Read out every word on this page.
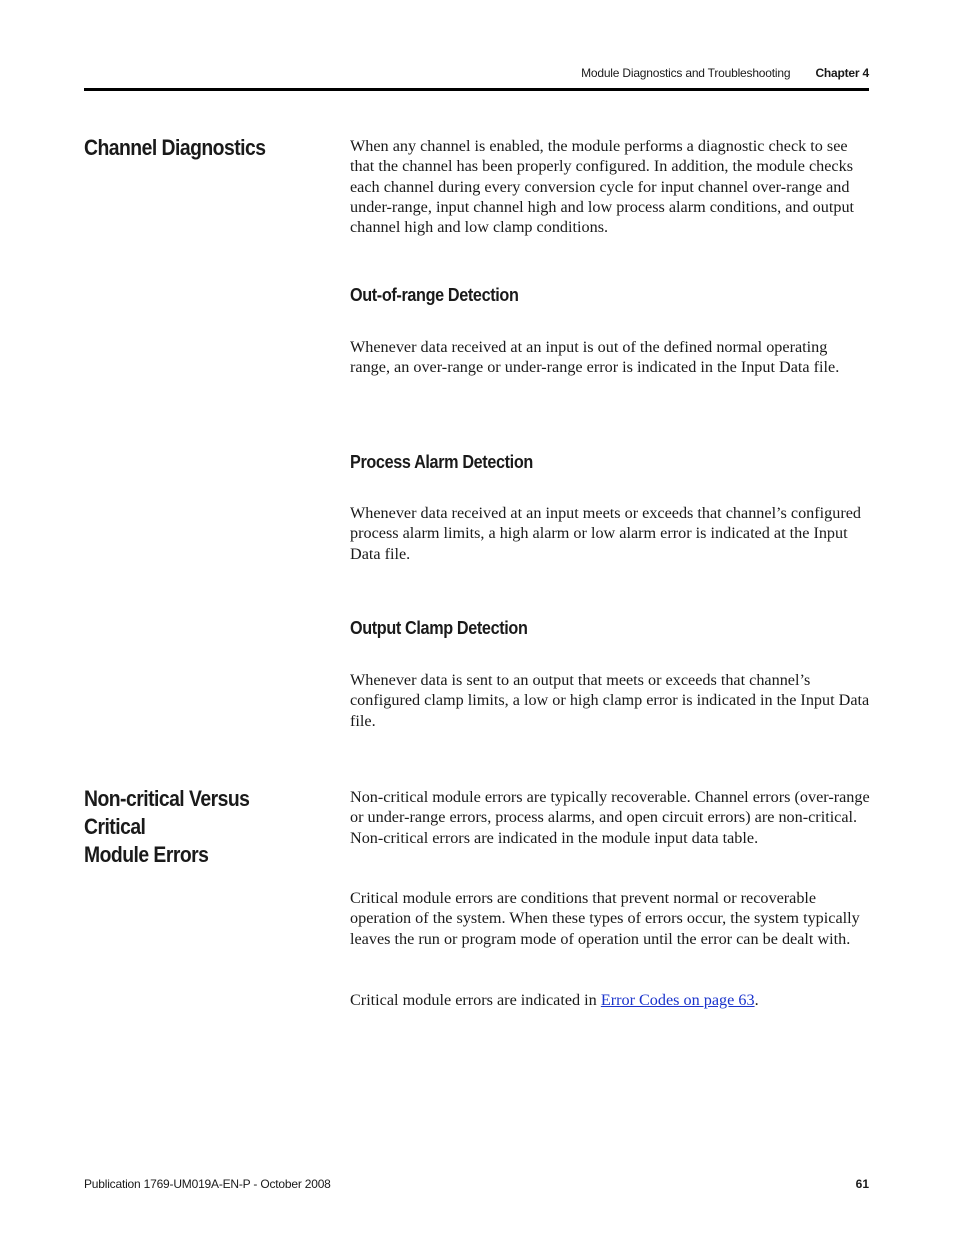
Module Diagnostics and Troubleshooting Chapter 4
Channel Diagnostics	When any channel is enabled, the module performs a diagnostic check to see that the channel has been properly configured. In addition, the module checks each channel during every conversion cycle for input channel over-range and under-range, input channel high and low process alarm conditions, and output channel high and low clamp conditions.
Out-of-range Detection
Whenever data received at an input is out of the defined normal operating range, an over-range or under-range error is indicated in the Input Data file.
Process Alarm Detection
Whenever data received at an input meets or exceeds that channel’s configured process alarm limits, a high alarm or low alarm error is indicated at the Input Data file.
Output Clamp Detection
Whenever data is sent to an output that meets or exceeds that channel’s configured clamp limits, a low or high clamp error is indicated in the Input Data file.
Non-critical Versus Critical
Module Errors
Non-critical module errors are typically recoverable. Channel errors (over-range or under-range errors, process alarms, and open circuit errors) are non-critical. Non-critical errors are indicated in the module input data table.
Critical module errors are conditions that prevent normal or recoverable operation of the system. When these types of errors occur, the system typically leaves the run or program mode of operation until the error can be dealt with.
Critical module errors are indicated in Error Codes on page 63.
Publication 1769-UM019A-EN-P - October 2008	61
